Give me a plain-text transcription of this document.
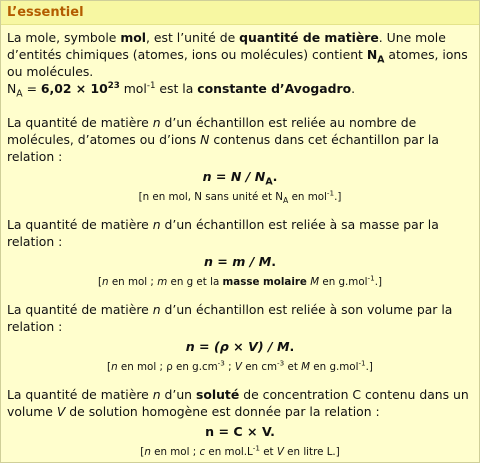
L’essentiel

La mole, symbole mol, est l’unité de quantité de matière. Une mole d’entités chimiques (atomes, ions ou molécules) contient $N_A$ atomes, ions ou molécules.
$N_A = 6,02 \times 10^{23}$ mol$^{-1}$ est la constante d’Avogadro.

La quantité de matière n d’un échantillon est reliée au nombre de molécules, d’atomes ou d’ions N contenus dans cet échantillon par la relation :

$n = N / N_A$.
[n en mol, N sans unité et $N_A$ en mol$^{-1}$.]

La quantité de matière n d’un échantillon est reliée à sa masse par la relation :

n = m / M.
[n en mol ; m en g et la masse molaire M en g.mol$^{-1}$.]

La quantité de matière n d’un échantillon est reliée à son volume par la relation :

n = (ρ × V) / M.
[n en mol ; ρ en $g.cm^{-3}$ ; V en $cm^{-3}$ et M en g.mol$^{-1}$.]

La quantité de matière n d’un soluté de concentration C contenu dans un volume V de solution homogène est donnée par la relation :

n = C × V.
[n en mol ; c en $mol.L^{-1}$ et V en litre L.]
